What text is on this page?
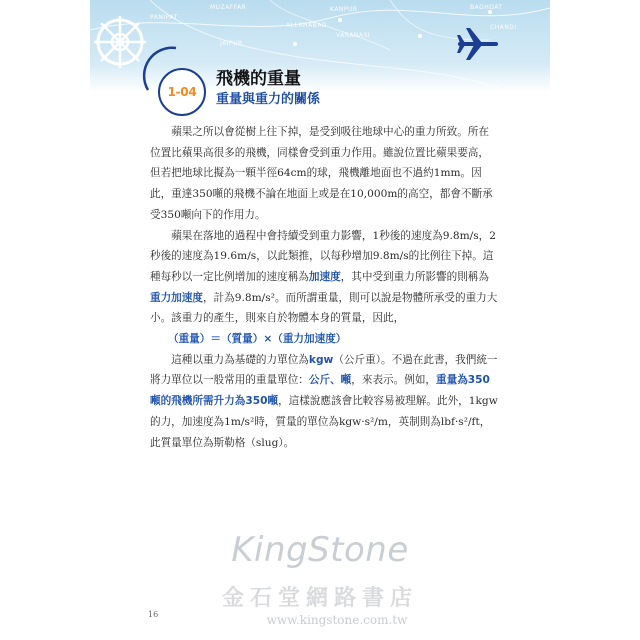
PANIPAT
MUZAFFAR
JAIPUR
ALLAHABAD
KANPUR	BAGHDAT
VARANASI
CHANDI
1-04
飛機的重量
重量與重力的關係

蘋果之所以會從樹上往下掉，是受到吸往地球中心的重力所致。所在位置比蘋果高很多的飛機，同樣會受到重力作用。雖說位置比蘋果要高，但若把地球比擬為一顆半徑64cm的球，飛機離地面也不過約1mm。因此，重達350噸的飛機不論在地面上或是在10,000m的高空，都會不斷承受350噸向下的作用力。

蘋果在落地的過程中會持續受到重力影響，1秒後的速度為9.8m/s，2秒後的速度為19.6m/s，以此類推，以每秒增加9.8m/s的比例往下掉。這種每秒以一定比例增加的速度稱為加速度，其中受到重力所影響的則稱為重力加速度，計為9.8m/s²。而所謂重量，則可以說是物體所承受的重力大小。該重力的產生，則來自於物體本身的質量，因此，

（重量）＝（質量）×（重力加速度）

這種以重力為基礎的力單位為kgw（公斤重）。不過在此書，我們統一將力單位以一般常用的重量單位：公斤、噸，來表示。例如，重量為350噸的飛機所需升力為350噸，這樣說應該會比較容易被理解。此外，1kgw的力，加速度為1m/s²時，質量的單位為kgw·s²/m，英制則為lbf·s²/ft，此質量單位為斯勒格（slug）。

KingStone
金石堂網路書店
www.kingstone.com.tw
16
